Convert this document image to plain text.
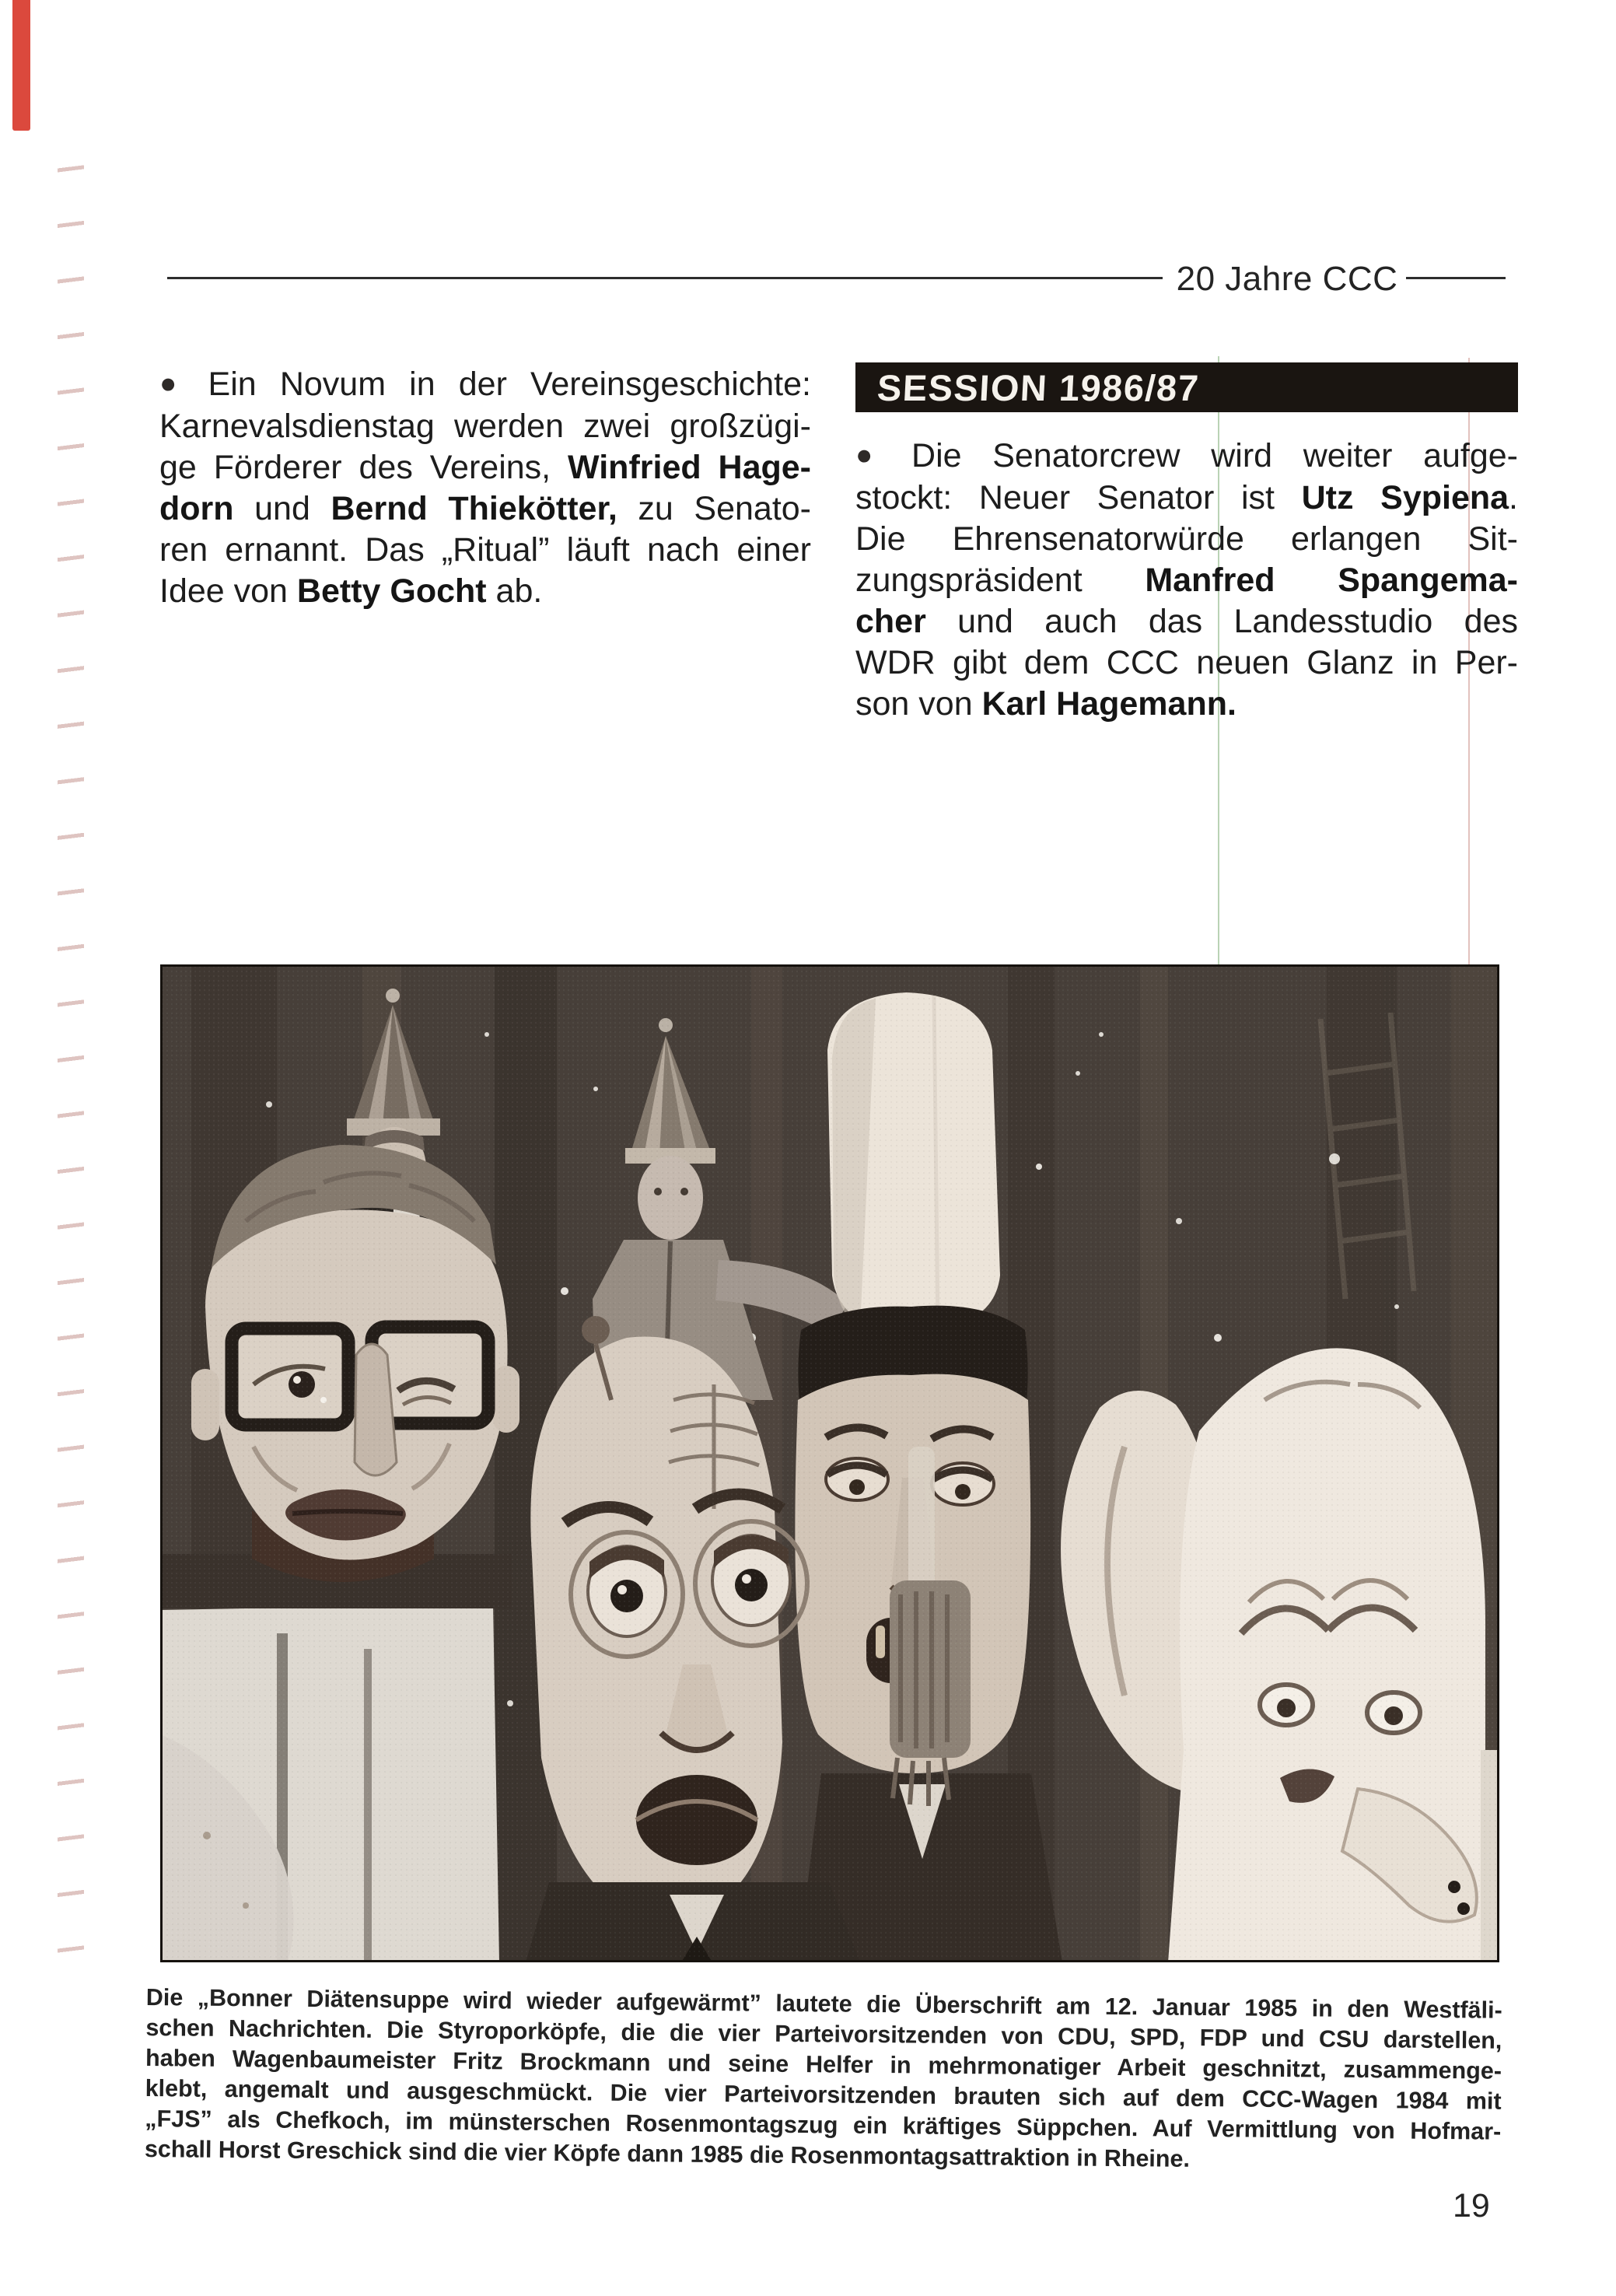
20 Jahre CCC
● Ein Novum in der Vereinsgeschichte:
Karnevalsdienstag werden zwei großzügi-
ge Förderer des Vereins, Winfried Hage-
dorn und Bernd Thiekötter, zu Senato-
ren ernannt. Das „Ritual” läuft nach einer
Idee von Betty Gocht ab.
SESSION 1986/87
● Die Senatorcrew wird weiter aufge-
stockt: Neuer Senator ist Utz Sypiena.
Die Ehrensenatorwürde erlangen Sit-
zungspräsident Manfred Spangema-
cher und auch das Landesstudio des
WDR gibt dem CCC neuen Glanz in Per-
son von Karl Hagemann.
Die „Bonner Diätensuppe wird wieder aufgewärmt” lautete die Überschrift am 12. Januar 1985 in den Westfäli-
schen Nachrichten. Die Styroporköpfe, die die vier Parteivorsitzenden von CDU, SPD, FDP und CSU darstellen,
haben Wagenbaumeister Fritz Brockmann und seine Helfer in mehrmonatiger Arbeit geschnitzt, zusammenge-
klebt, angemalt und ausgeschmückt. Die vier Parteivorsitzenden brauten sich auf dem CCC-Wagen 1984 mit
„FJS” als Chefkoch, im münsterschen Rosenmontagszug ein kräftiges Süppchen. Auf Vermittlung von Hofmar-
schall Horst Greschick sind die vier Köpfe dann 1985 die Rosenmontagsattraktion in Rheine.
19
